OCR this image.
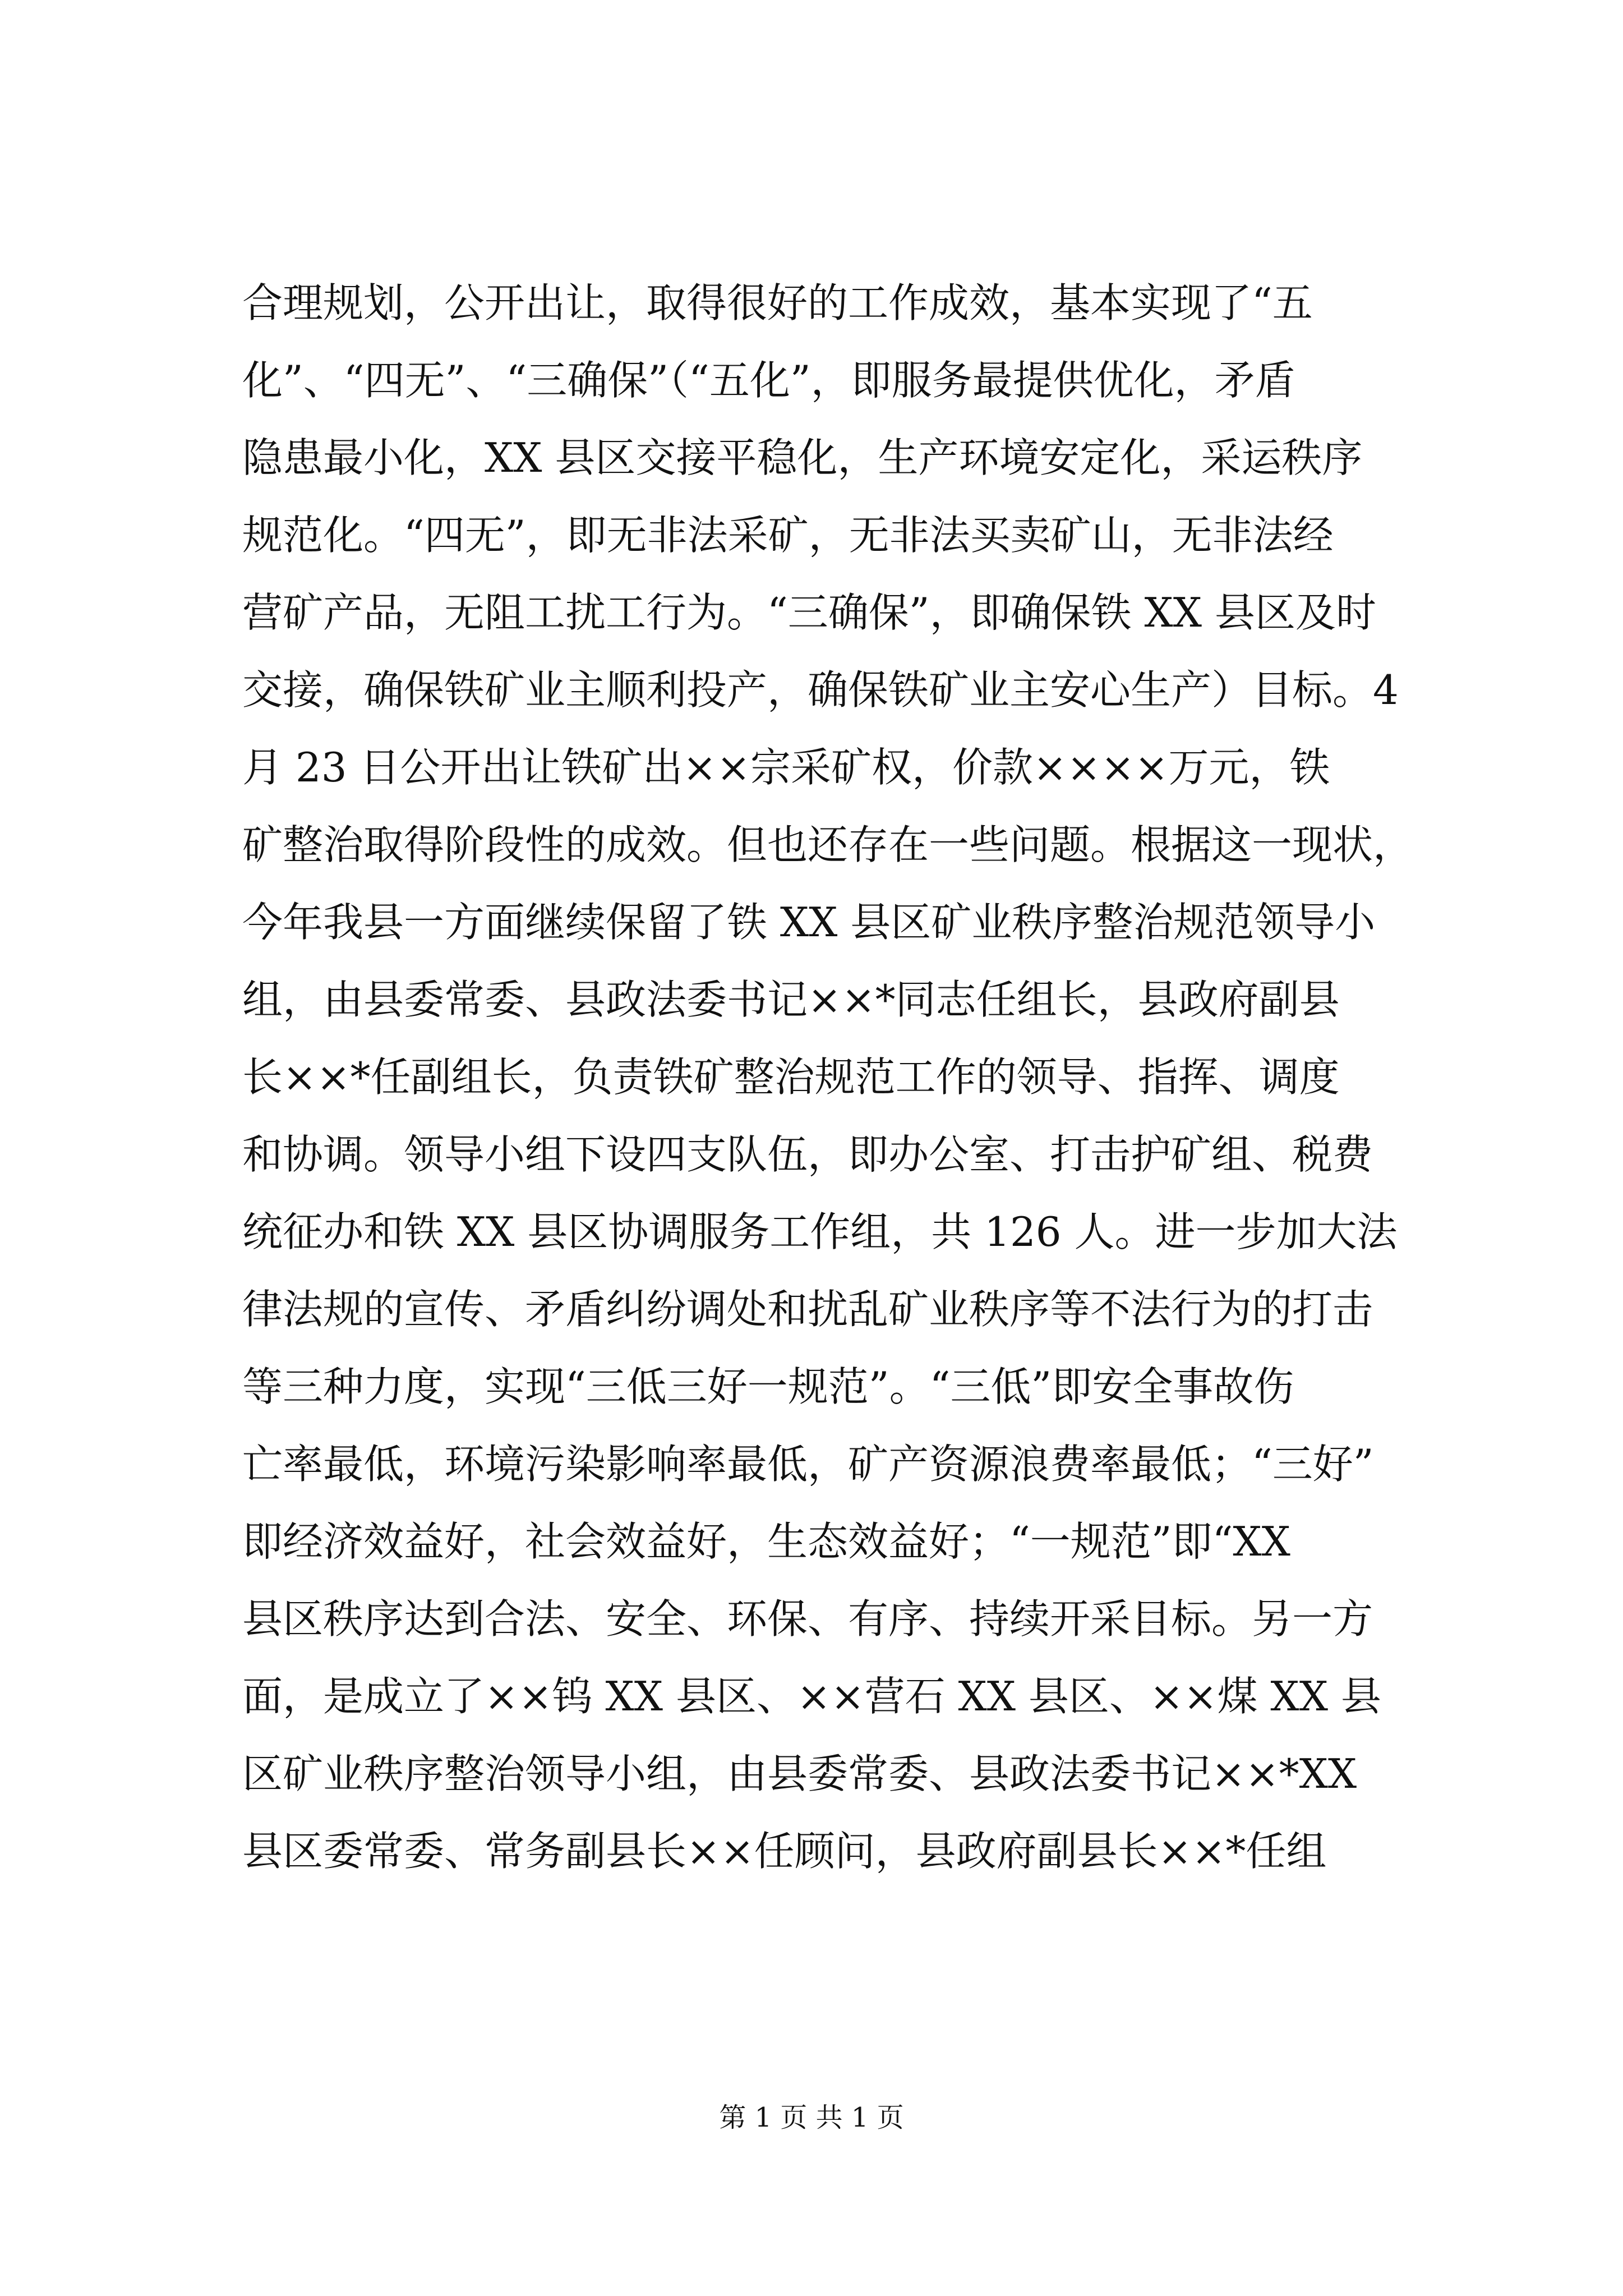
合理规划，公开出让，取得很好的工作成效，基本实现了“五
化”、“四无”、“三确保”（“五化”，即服务最提供优化，矛盾
隐患最小化，XX 县区交接平稳化，生产环境安定化，采运秩序
规范化。“四无”，即无非法采矿，无非法买卖矿山，无非法经
营矿产品，无阻工扰工行为。“三确保”，即确保铁 XX 县区及时
交接，确保铁矿业主顺利投产，确保铁矿业主安心生产）目标。4
月 23 日公开出让铁矿出××宗采矿权，价款××××万元，铁
矿整治取得阶段性的成效。但也还存在一些问题。根据这一现状，
今年我县一方面继续保留了铁 XX 县区矿业秩序整治规范领导小
组，由县委常委、县政法委书记××*同志任组长，县政府副县
长××*任副组长，负责铁矿整治规范工作的领导、指挥、调度
和协调。领导小组下设四支队伍，即办公室、打击护矿组、税费
统征办和铁 XX 县区协调服务工作组，共 126 人。进一步加大法
律法规的宣传、矛盾纠纷调处和扰乱矿业秩序等不法行为的打击
等三种力度，实现“三低三好一规范”。“三低”即安全事故伤
亡率最低，环境污染影响率最低，矿产资源浪费率最低；“三好”
即经济效益好，社会效益好，生态效益好；“一规范”即“XX
县区秩序达到合法、安全、环保、有序、持续开采目标。另一方
面，是成立了××钨 XX 县区、××营石 XX 县区、××煤 XX 县
区矿业秩序整治领导小组，由县委常委、县政法委书记××*XX
县区委常委、常务副县长××任顾问，县政府副县长××*任组
第 1 页 共 1 页
